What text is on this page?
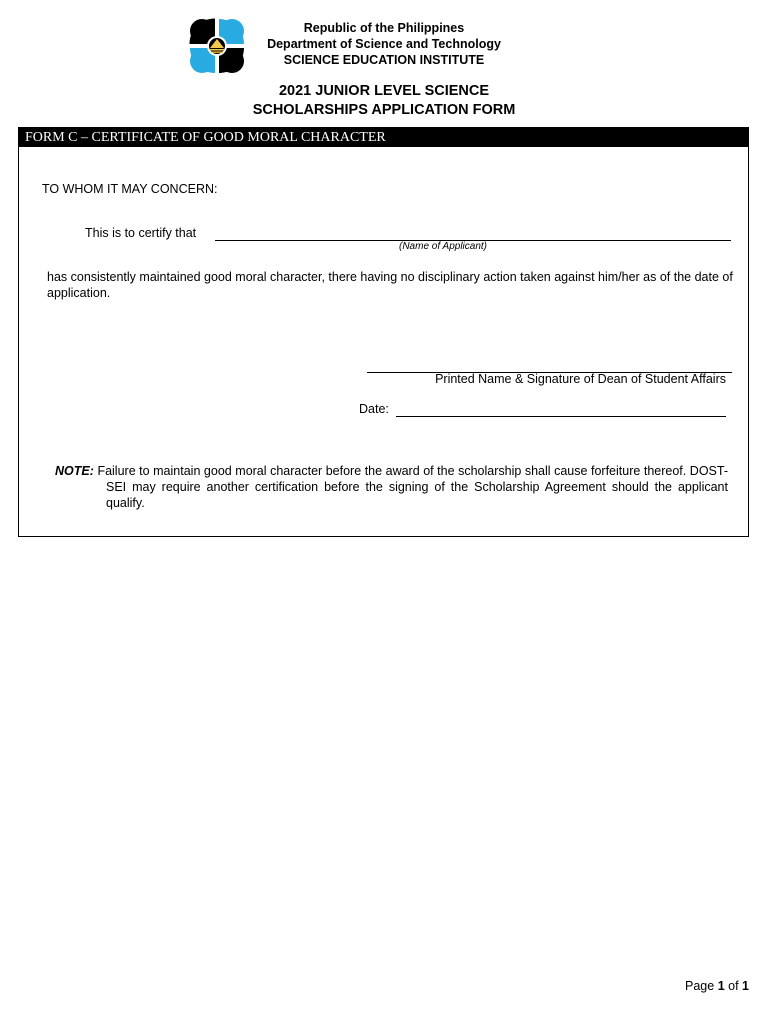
Republic of the Philippines
Department of Science and Technology
SCIENCE EDUCATION INSTITUTE
2021 JUNIOR LEVEL SCIENCE
SCHOLARSHIPS APPLICATION FORM
FORM C – CERTIFICATE OF GOOD MORAL CHARACTER
TO WHOM IT MAY CONCERN:
This is to certify that
(Name of Applicant)
has consistently maintained good moral character, there having no disciplinary action taken against him/her as of the date of application.
Printed Name & Signature of Dean of Student Affairs
Date:
NOTE: Failure to maintain good moral character before the award of the scholarship shall cause forfeiture thereof. DOST-SEI may require another certification before the signing of the Scholarship Agreement should the applicant qualify.
Page 1 of 1
